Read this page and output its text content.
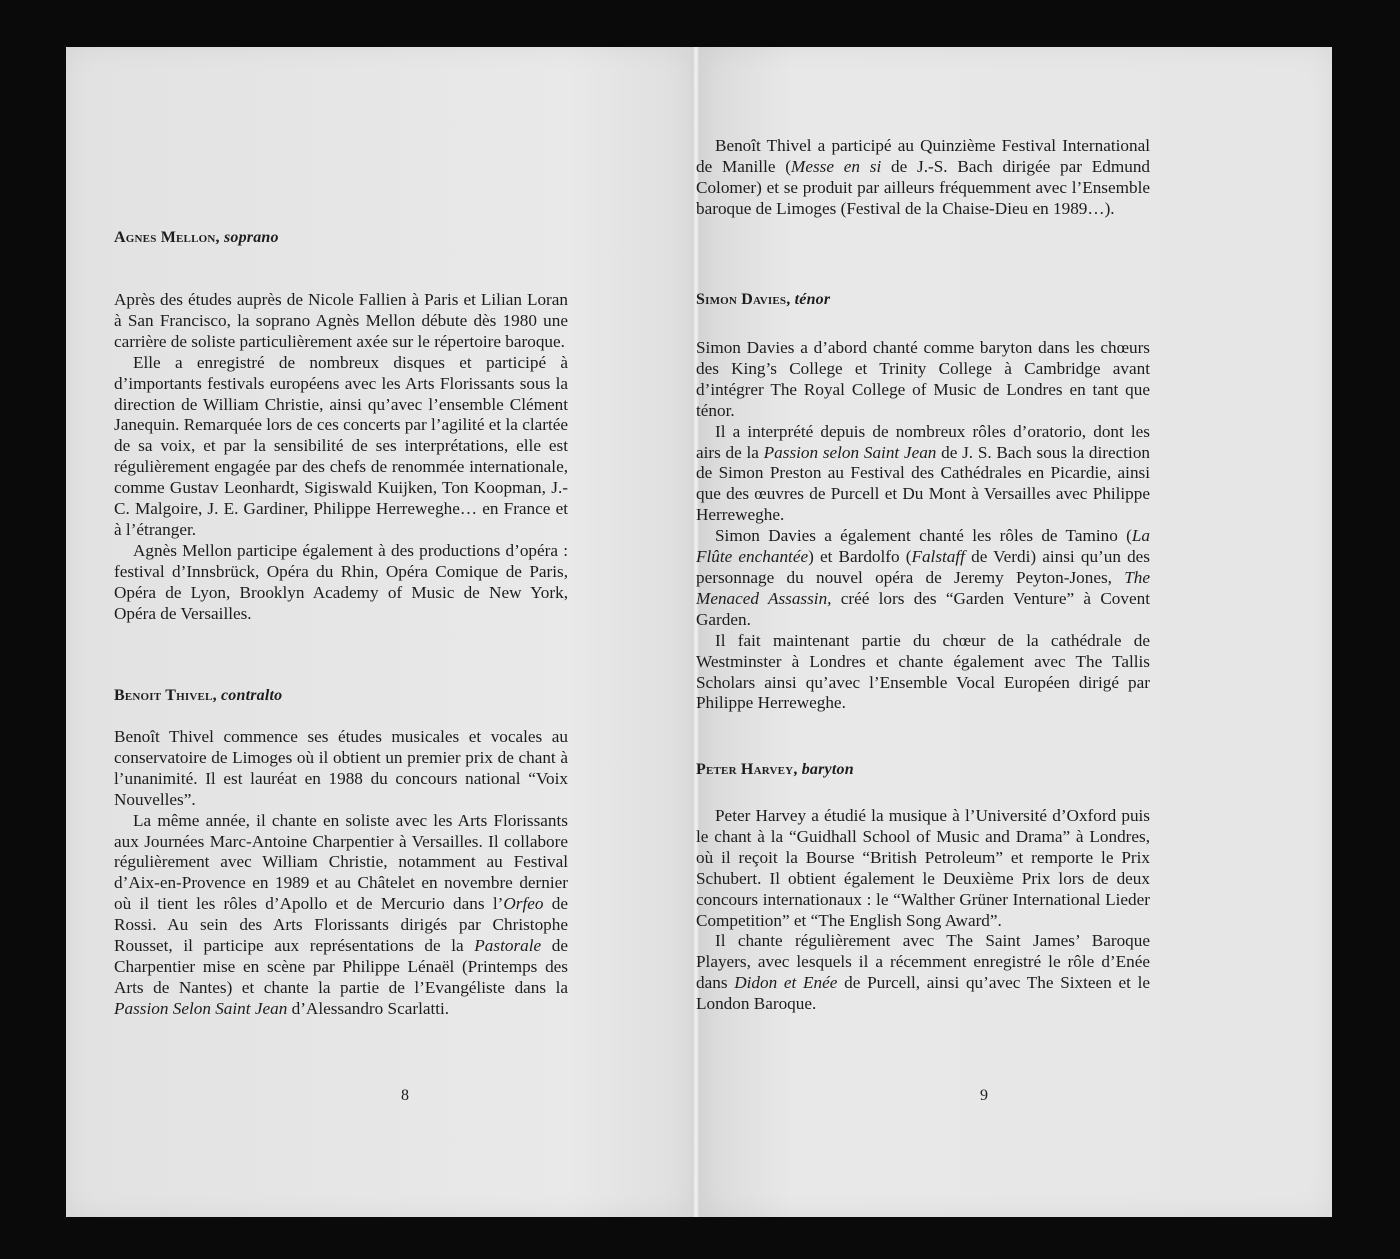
Agnes Mellon, soprano

Après des études auprès de Nicole Fallien à Paris et Lilian Loran à San Francisco, la soprano Agnès Mellon débute dès 1980 une carrière de soliste particulièrement axée sur le répertoire baroque.

Elle a enregistré de nombreux disques et participé à d’importants festivals européens avec les Arts Florissants sous la direction de William Christie, ainsi qu’avec l’ensemble Clément Janequin. Remarquée lors de ces concerts par l’agilité et la clartée de sa voix, et par la sensibilité de ses interprétations, elle est régulièrement engagée par des chefs de renommée internationale, comme Gustav Leonhardt, Sigiswald Kuijken, Ton Koopman, J.-C. Malgoire, J. E. Gardiner, Philippe Herreweghe… en France et à l’étranger.

Agnès Mellon participe également à des productions d’opéra : festival d’Innsbrück, Opéra du Rhin, Opéra Comique de Paris, Opéra de Lyon, Brooklyn Academy of Music de New York, Opéra de Versailles.

Benoit Thivel, contralto

Benoît Thivel commence ses études musicales et vocales au conservatoire de Limoges où il obtient un premier prix de chant à l’unanimité. Il est lauréat en 1988 du concours national “Voix Nouvelles”.

La même année, il chante en soliste avec les Arts Florissants aux Journées Marc-Antoine Charpentier à Versailles. Il collabore régulièrement avec William Christie, notamment au Festival d’Aix-en-Provence en 1989 et au Châtelet en novembre dernier où il tient les rôles d’Apollo et de Mercurio dans l’Orfeo de Rossi. Au sein des Arts Florissants dirigés par Christophe Rousset, il participe aux représentations de la Pastorale de Charpentier mise en scène par Philippe Lénaël (Printemps des Arts de Nantes) et chante la partie de l’Evangéliste dans la Passion Selon Saint Jean d’Alessandro Scarlatti.

8

Benoît Thivel a participé au Quinzième Festival International de Manille (Messe en si de J.-S. Bach dirigée par Edmund Colomer) et se produit par ailleurs fréquemment avec l’Ensemble baroque de Limoges (Festival de la Chaise-Dieu en 1989…).

Simon Davies, ténor

Simon Davies a d’abord chanté comme baryton dans les chœurs des King’s College et Trinity College à Cambridge avant d’intégrer The Royal College of Music de Londres en tant que ténor.

Il a interprété depuis de nombreux rôles d’oratorio, dont les airs de la Passion selon Saint Jean de J. S. Bach sous la direction de Simon Preston au Festival des Cathédrales en Picardie, ainsi que des œuvres de Purcell et Du Mont à Versailles avec Philippe Herreweghe.

Simon Davies a également chanté les rôles de Tamino (La Flûte enchantée) et Bardolfo (Falstaff de Verdi) ainsi qu’un des personnage du nouvel opéra de Jeremy Peyton-Jones, The Menaced Assassin, créé lors des “Garden Venture” à Covent Garden.

Il fait maintenant partie du chœur de la cathédrale de Westminster à Londres et chante également avec The Tallis Scholars ainsi qu’avec l’Ensemble Vocal Européen dirigé par Philippe Herreweghe.

Peter Harvey, baryton

Peter Harvey a étudié la musique à l’Université d’Oxford puis le chant à la “Guidhall School of Music and Drama” à Londres, où il reçoit la Bourse “British Petroleum” et remporte le Prix Schubert. Il obtient également le Deuxième Prix lors de deux concours internationaux : le “Walther Grüner International Lieder Competition” et “The English Song Award”.

Il chante régulièrement avec The Saint James’ Baroque Players, avec lesquels il a récemment enregistré le rôle d’Enée dans Didon et Enée de Purcell, ainsi qu’avec The Sixteen et le London Baroque.

9
